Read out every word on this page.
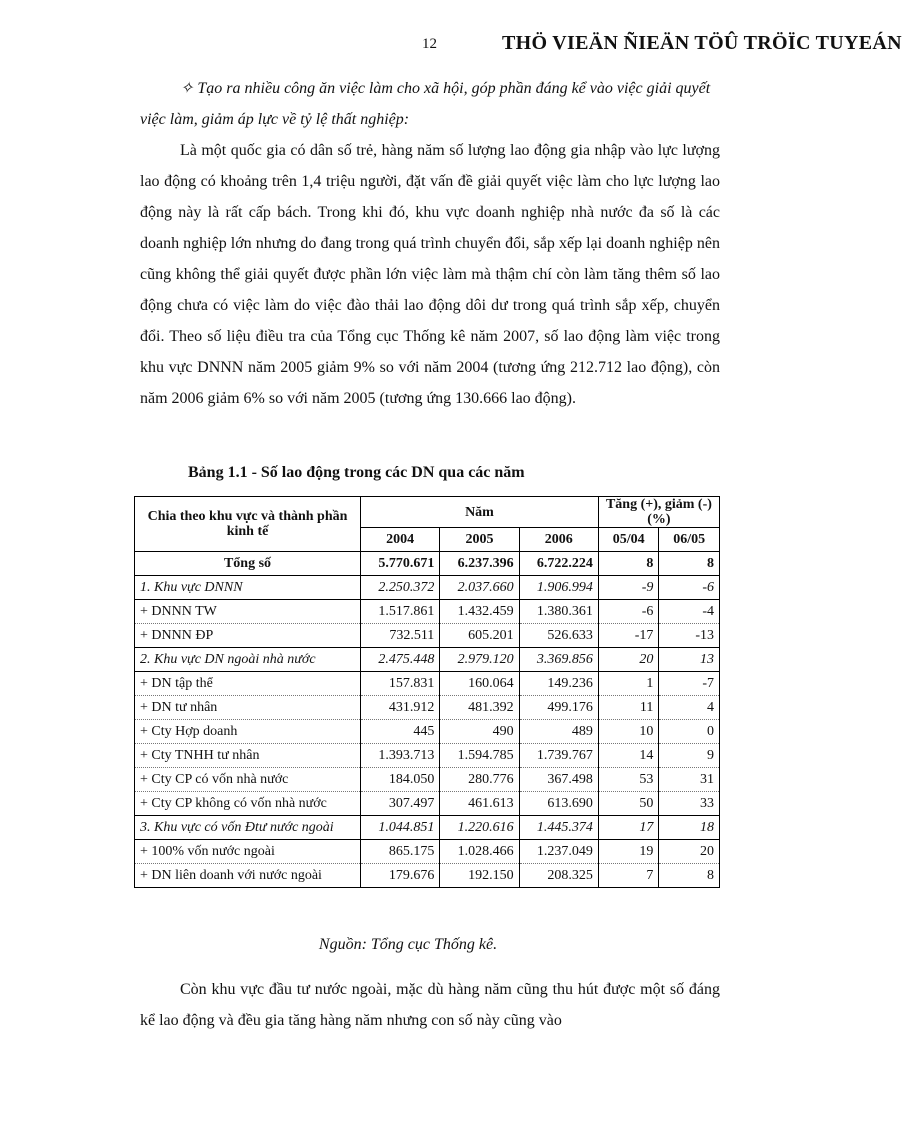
12	THÖ VIEÄN ÑIEÄN TÖÛ TRÖÏC TUYEÁN
✧ Tạo ra nhiều công ăn việc làm cho xã hội, góp phần đáng kể vào việc giải quyết việc làm, giảm áp lực về tỷ lệ thất nghiệp:
Là một quốc gia có dân số trẻ, hàng năm số lượng lao động gia nhập vào lực lượng lao động có khoảng trên 1,4 triệu người, đặt vấn đề giải quyết việc làm cho lực lượng lao động này là rất cấp bách. Trong khi đó, khu vực doanh nghiệp nhà nước đa số là các doanh nghiệp lớn nhưng do đang trong quá trình chuyển đổi, sắp xếp lại doanh nghiệp nên cũng không thể giải quyết được phần lớn việc làm mà thậm chí còn làm tăng thêm số lao động chưa có việc làm do việc đào thải lao động dôi dư trong quá trình sắp xếp, chuyển đổi. Theo số liệu điều tra của Tổng cục Thống kê năm 2007, số lao động làm việc trong khu vực DNNN năm 2005 giảm 9% so với năm 2004 (tương ứng 212.712 lao động), còn năm 2006 giảm 6% so với năm 2005 (tương ứng 130.666 lao động).
Bảng 1.1 - Số lao động trong các DN qua các năm
Chia theo khu vực và thành phần kinh tế	Năm			Tăng (+), giảm (-) (%)	
	2004	2005	2006	05/04	06/05
Tổng số	5.770.671	6.237.396	6.722.224	8	8
1. Khu vực DNNN	2.250.372	2.037.660	1.906.994	-9	-6
+ DNNN TW	1.517.861	1.432.459	1.380.361	-6	-4
+ DNNN ĐP	732.511	605.201	526.633	-17	-13
2. Khu vực DN ngoài nhà nước	2.475.448	2.979.120	3.369.856	20	13
+ DN tập thể	157.831	160.064	149.236	1	-7
+ DN tư nhân	431.912	481.392	499.176	11	4
+ Cty Hợp doanh	445	490	489	10	0
+ Cty TNHH tư nhân	1.393.713	1.594.785	1.739.767	14	9
+ Cty CP có vốn nhà nước	184.050	280.776	367.498	53	31
+ Cty CP không có vốn nhà nước	307.497	461.613	613.690	50	33
3. Khu vực có vốn Đtư nước ngoài	1.044.851	1.220.616	1.445.374	17	18
+ 100% vốn nước ngoài	865.175	1.028.466	1.237.049	19	20
+ DN liên doanh với nước ngoài	179.676	192.150	208.325	7	8
Nguồn: Tổng cục Thống kê.
Còn khu vực đầu tư nước ngoài, mặc dù hàng năm cũng thu hút được một số đáng kể lao động và đều gia tăng hàng năm nhưng con số này cũng vào
